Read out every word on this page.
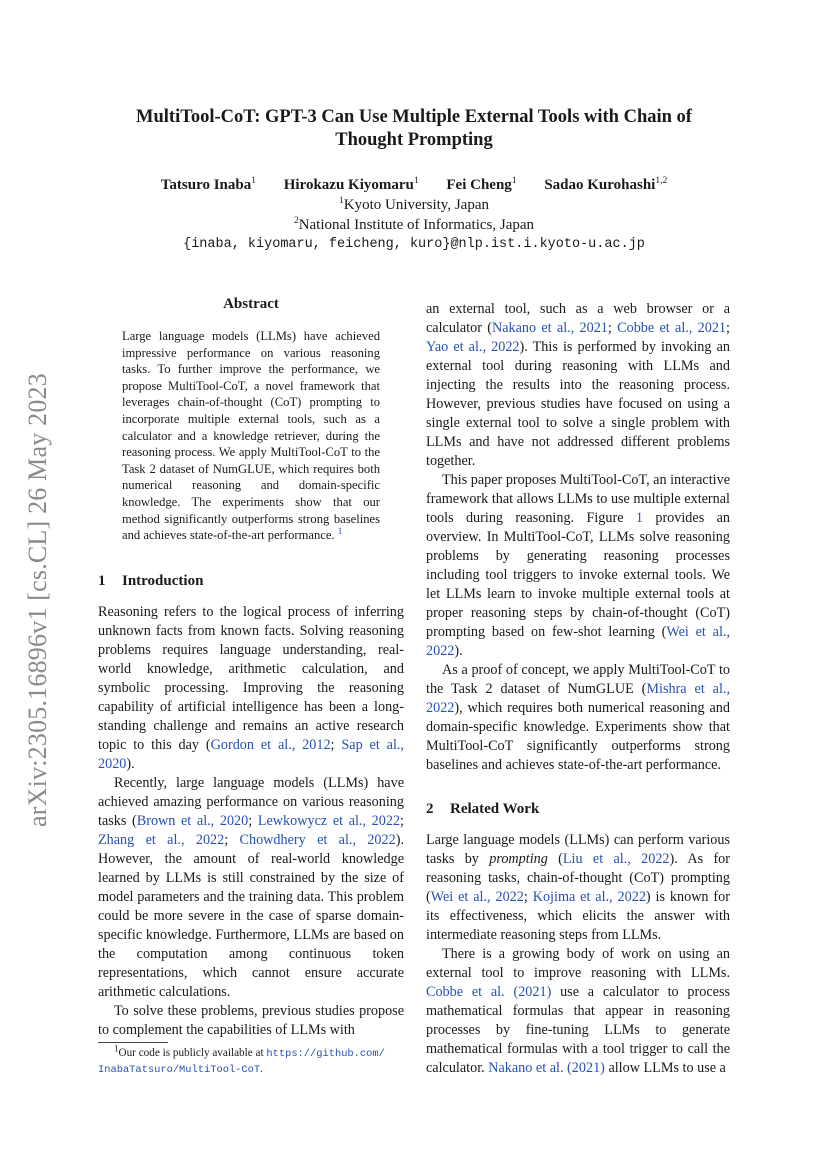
MultiTool-CoT: GPT-3 Can Use Multiple External Tools with Chain of
Thought Prompting
Tatsuro Inaba$^1$ Hirokazu Kiyomaru$^1$ Fei Cheng$^1$ Sadao Kurohashi$^{1,2}$
$^1$Kyoto University, Japan
$^2$National Institute of Informatics, Japan
{inaba, kiyomaru, feicheng, kuro}@nlp.ist.i.kyoto-u.ac.jp
arXiv:2305.16896v1 [cs.CL] 26 May 2023
Abstract
Large language models (LLMs) have achieved impressive performance on various reasoning tasks. To further improve the performance, we propose MultiTool-CoT, a novel framework that leverages chain-of-thought (CoT) prompting to incorporate multiple external tools, such as a calculator and a knowledge retriever, during the reasoning process. We apply MultiTool-CoT to the Task 2 dataset of NumGLUE, which requires both numerical reasoning and domain-specific knowledge. The experiments show that our method significantly outperforms strong baselines and achieves state-of-the-art performance. $^1$
1 Introduction

Reasoning refers to the logical process of inferring unknown facts from known facts. Solving reasoning problems requires language understanding, real-world knowledge, arithmetic calculation, and symbolic processing. Improving the reasoning capability of artificial intelligence has been a long-standing challenge and remains an active research topic to this day (Gordon et al., 2012; Sap et al., 2020).

Recently, large language models (LLMs) have achieved amazing performance on various reasoning tasks (Brown et al., 2020; Lewkowycz et al., 2022; Zhang et al., 2022; Chowdhery et al., 2022). However, the amount of real-world knowledge learned by LLMs is still constrained by the size of model parameters and the training data. This problem could be more severe in the case of sparse domain-specific knowledge. Furthermore, LLMs are based on the computation among continuous token representations, which cannot ensure accurate arithmetic calculations.

To solve these problems, previous studies propose to complement the capabilities of LLMs with

$^1$Our code is publicly available at https://github.com/
InabaTatsuro/MultiTool-CoT.

an external tool, such as a web browser or a calculator (Nakano et al., 2021; Cobbe et al., 2021; Yao et al., 2022). This is performed by invoking an external tool during reasoning with LLMs and injecting the results into the reasoning process. However, previous studies have focused on using a single external tool to solve a single problem with LLMs and have not addressed different problems together.

This paper proposes MultiTool-CoT, an interactive framework that allows LLMs to use multiple external tools during reasoning. Figure 1 provides an overview. In MultiTool-CoT, LLMs solve reasoning problems by generating reasoning processes including tool triggers to invoke external tools. We let LLMs learn to invoke multiple external tools at proper reasoning steps by chain-of-thought (CoT) prompting based on few-shot learning (Wei et al., 2022).

As a proof of concept, we apply MultiTool-CoT to the Task 2 dataset of NumGLUE (Mishra et al., 2022), which requires both numerical reasoning and domain-specific knowledge. Experiments show that MultiTool-CoT significantly outperforms strong baselines and achieves state-of-the-art performance.

2 Related Work

Large language models (LLMs) can perform various tasks by prompting (Liu et al., 2022). As for reasoning tasks, chain-of-thought (CoT) prompting (Wei et al., 2022; Kojima et al., 2022) is known for its effectiveness, which elicits the answer with intermediate reasoning steps from LLMs.

There is a growing body of work on using an external tool to improve reasoning with LLMs. Cobbe et al. (2021) use a calculator to process mathematical formulas that appear in reasoning processes by fine-tuning LLMs to generate mathematical formulas with a tool trigger to call the calculator. Nakano et al. (2021) allow LLMs to use a
